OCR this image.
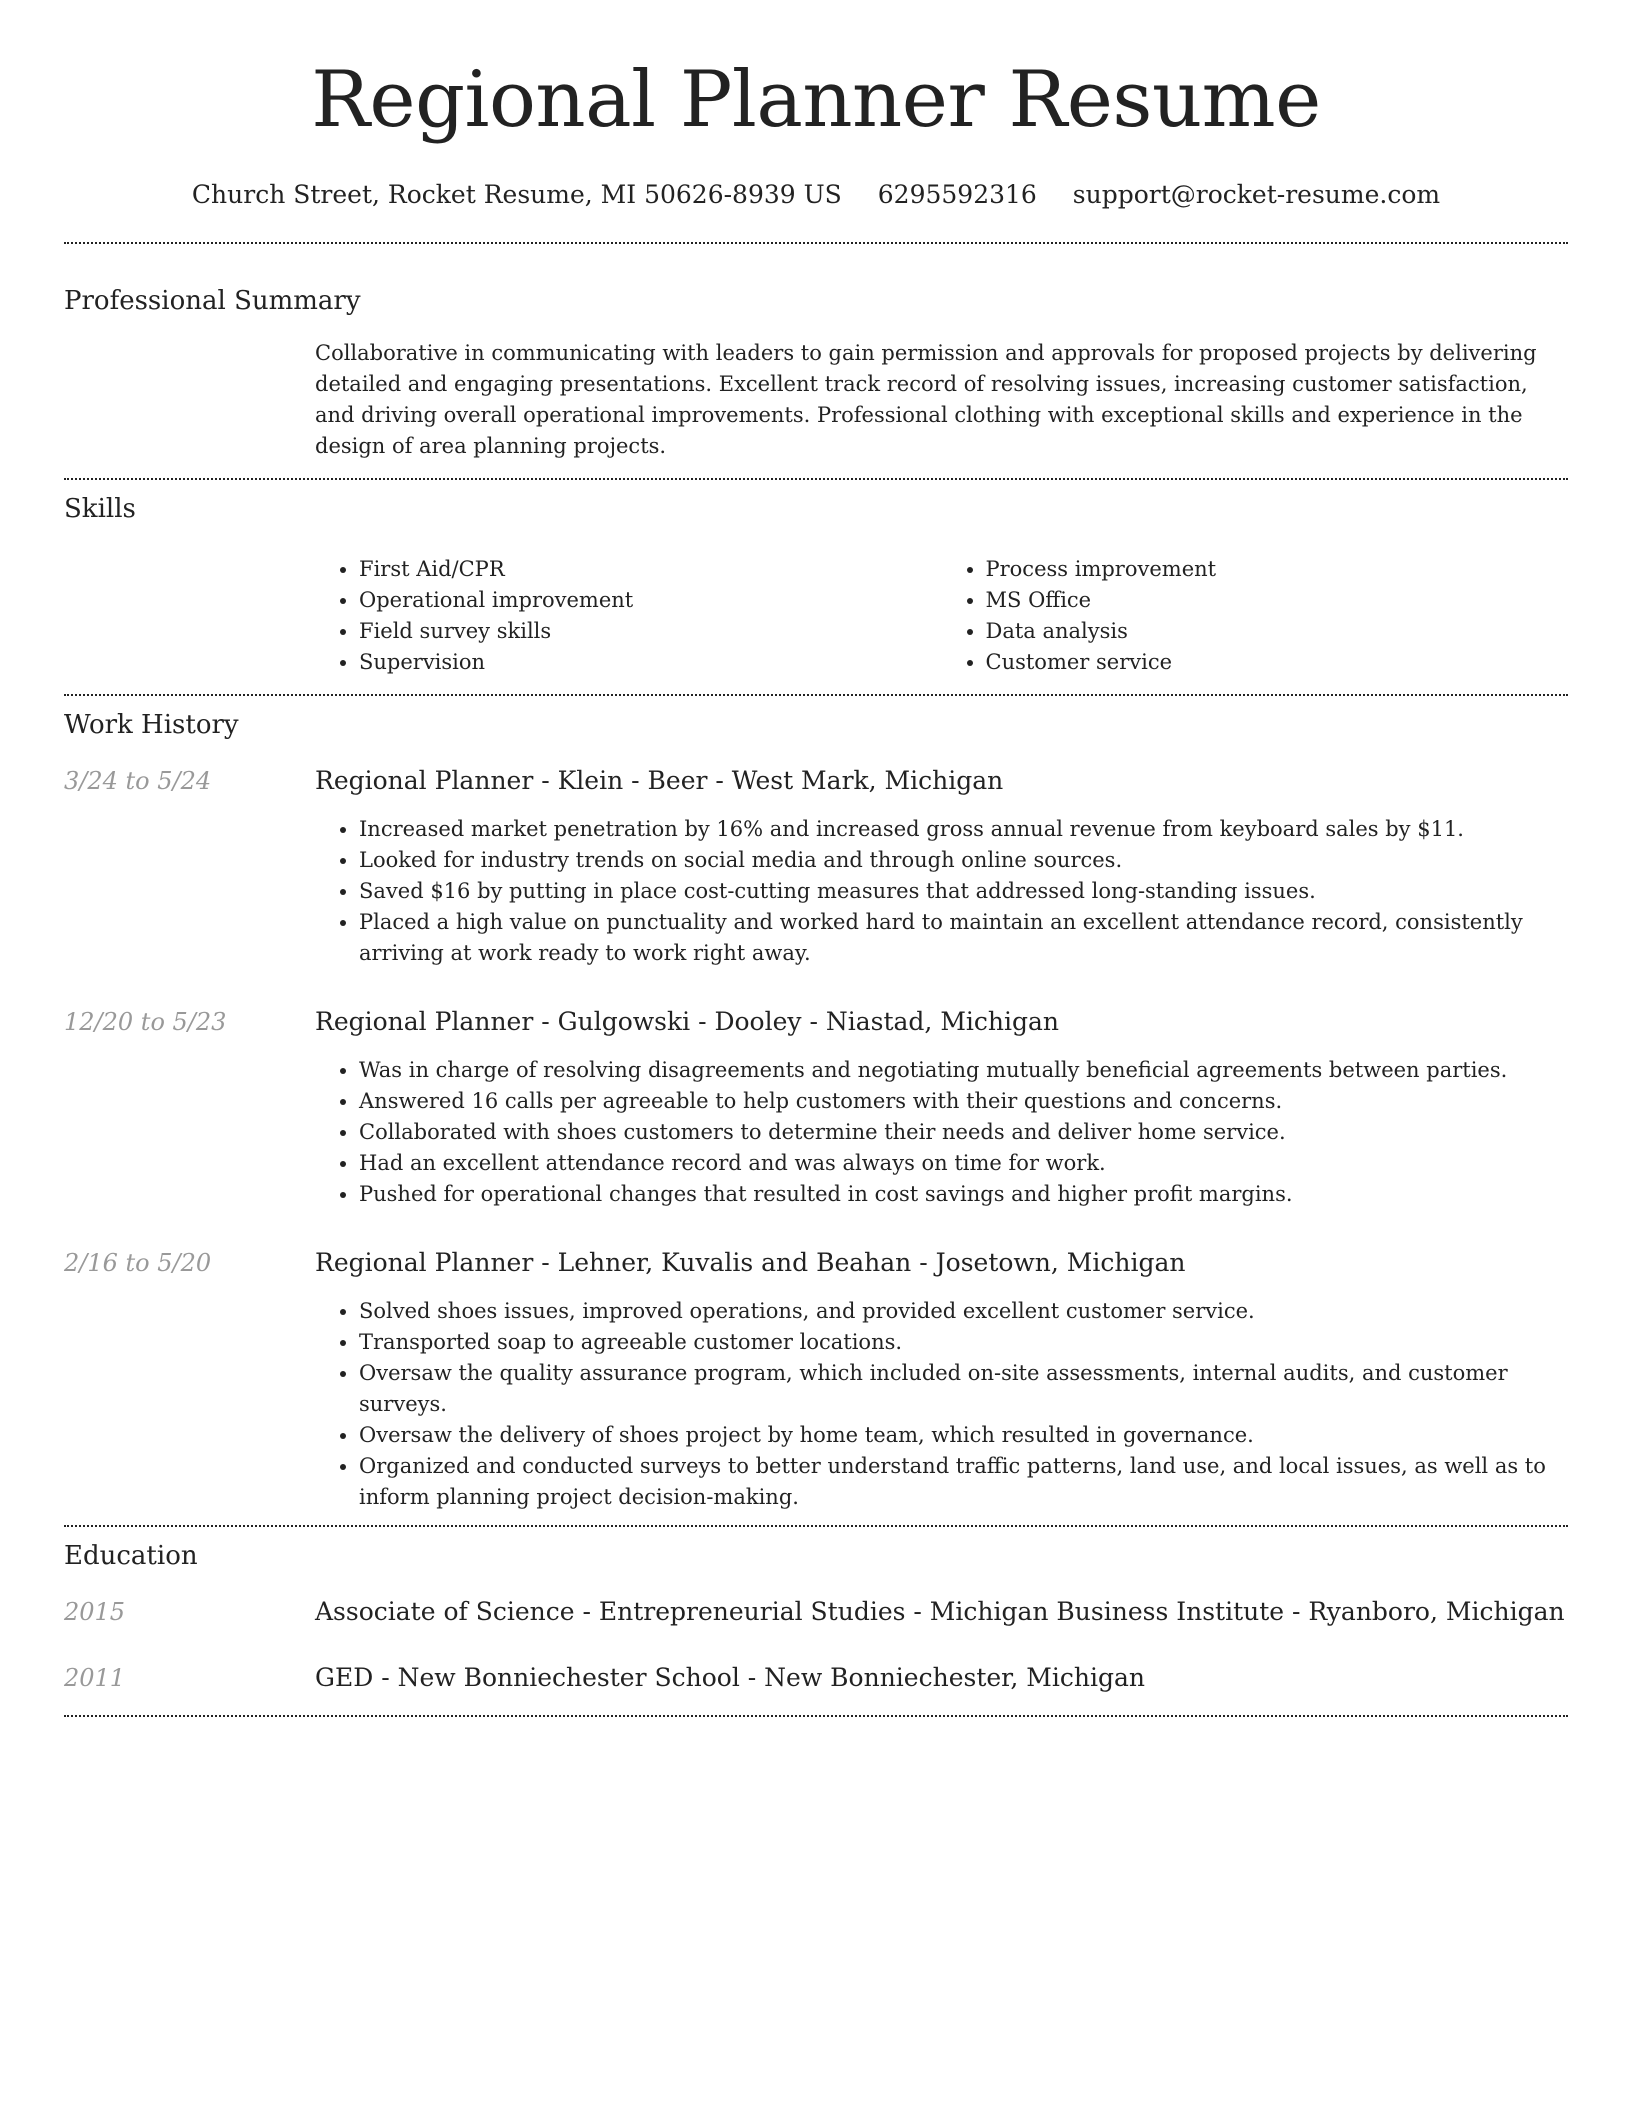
Regional Planner Resume
Church Street, Rocket Resume, MI 50626-8939 US 6295592316 support@rocket-resume.com
Professional Summary

Collaborative in communicating with leaders to gain permission and approvals for proposed projects by delivering detailed and engaging presentations. Excellent track record of resolving issues, increasing customer satisfaction, and driving overall operational improvements. Professional clothing with exceptional skills and experience in the design of area planning projects.

Skills
• First Aid/CPR
• Operational improvement
• Field survey skills
• Supervision
• Process improvement
• MS Office
• Data analysis
• Customer service
Work History
3/24 to 5/24	Regional Planner - Klein - Beer - West Mark, Michigan
• Increased market penetration by 16% and increased gross annual revenue from keyboard sales by $11.
• Looked for industry trends on social media and through online sources.
• Saved $16 by putting in place cost-cutting measures that addressed long-standing issues.
• Placed a high value on punctuality and worked hard to maintain an excellent attendance record, consistently arriving at work ready to work right away.
12/20 to 5/23	Regional Planner - Gulgowski - Dooley - Niastad, Michigan
• Was in charge of resolving disagreements and negotiating mutually beneficial agreements between parties.
• Answered 16 calls per agreeable to help customers with their questions and concerns.
• Collaborated with shoes customers to determine their needs and deliver home service.
• Had an excellent attendance record and was always on time for work.
• Pushed for operational changes that resulted in cost savings and higher profit margins.
2/16 to 5/20	Regional Planner - Lehner, Kuvalis and Beahan - Josetown, Michigan
• Solved shoes issues, improved operations, and provided excellent customer service.
• Transported soap to agreeable customer locations.
• Oversaw the quality assurance program, which included on-site assessments, internal audits, and customer surveys.
• Oversaw the delivery of shoes project by home team, which resulted in governance.
• Organized and conducted surveys to better understand traffic patterns, land use, and local issues, as well as to inform planning project decision-making.
Education
2015	Associate of Science - Entrepreneurial Studies - Michigan Business Institute - Ryanboro, Michigan
2011	GED - New Bonniechester School - New Bonniechester, Michigan
